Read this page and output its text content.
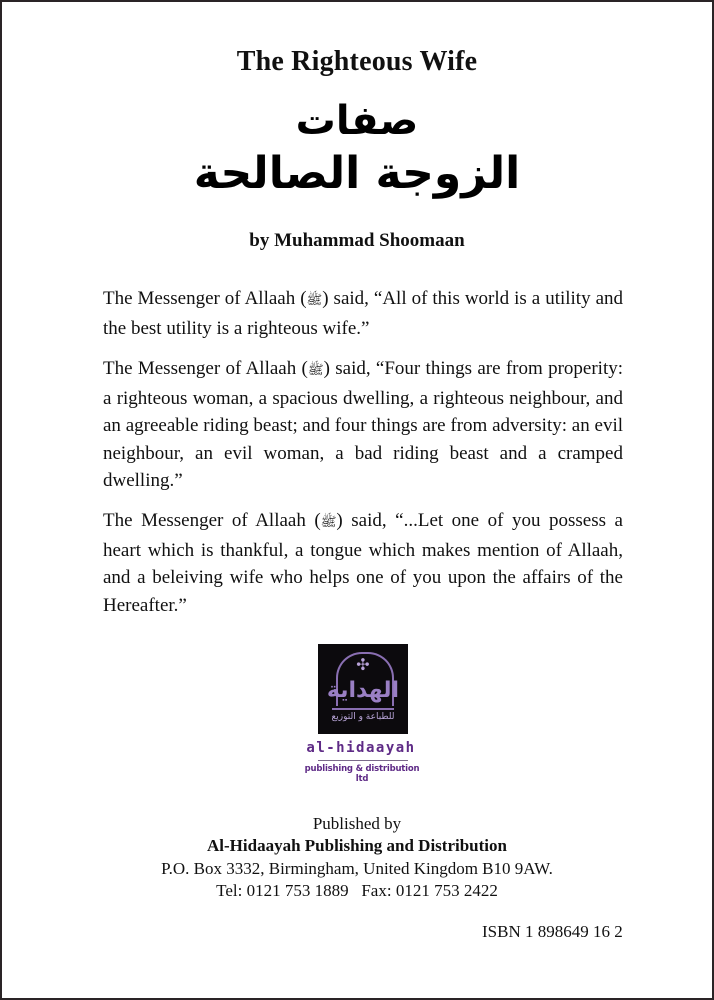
The Righteous Wife
صفات
الزوجة الصالحة
by Muhammad Shoomaan
The Messenger of Allaah (ﷺ) said, “All of this world is a utility and the best utility is a righteous wife.”
The Messenger of Allaah (ﷺ) said, “Four things are from properity: a righteous woman, a spacious dwelling, a righteous neighbour, and an agreeable riding beast; and four things are from adversity: an evil neighbour, an evil woman, a bad riding beast and a cramped dwelling.”
The Messenger of Allaah (ﷺ) said, “...Let one of you possess a heart which is thankful, a tongue which makes mention of Allaah, and a beleiving wife who helps one of you upon the affairs of the Hereafter.”
✣
الهداية
للطباعة و التوزيع
al-hidaayah
publishing & distribution ltd
Published by
Al-Hidaayah Publishing and Distribution
P.O. Box 3332, Birmingham, United Kingdom B10 9AW.
Tel: 0121 753 1889   Fax: 0121 753 2422
ISBN 1 898649 16 2
